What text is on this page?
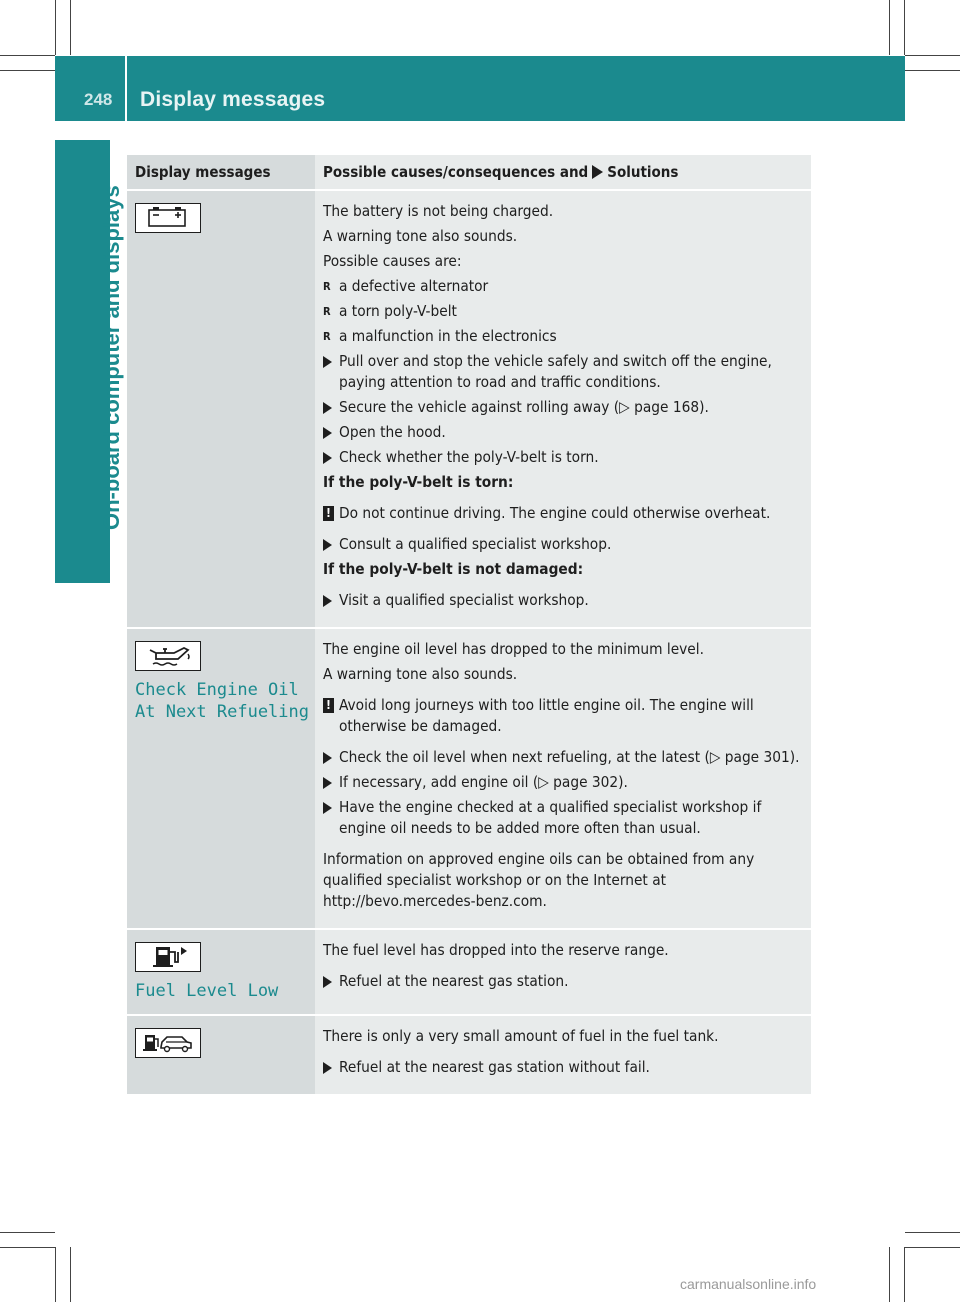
248 Display messages
On-board computer and displays
Display messages	Possible causes/consequences and Solutions
The battery is not being charged.
A warning tone also sounds.
Possible causes are:
R a defective alternator
R a torn poly-V-belt
R a malfunction in the electronics
Pull over and stop the vehicle safely and switch off the engine, paying attention to road and traffic conditions.
Secure the vehicle against rolling away (▷ page 168).
Open the hood.
Check whether the poly-V-belt is torn.
If the poly-V-belt is torn:
! Do not continue driving. The engine could otherwise overheat.
Consult a qualified specialist workshop.
If the poly-V-belt is not damaged:
Visit a qualified specialist workshop.
Check Engine Oil
At Next Refueling
The engine oil level has dropped to the minimum level.
A warning tone also sounds.
! Avoid long journeys with too little engine oil. The engine will otherwise be damaged.
Check the oil level when next refueling, at the latest (▷ page 301).
If necessary, add engine oil (▷ page 302).
Have the engine checked at a qualified specialist workshop if engine oil needs to be added more often than usual.
Information on approved engine oils can be obtained from any qualified specialist workshop or on the Internet at http://bevo.mercedes-benz.com.
Fuel Level Low
The fuel level has dropped into the reserve range.
Refuel at the nearest gas station.
There is only a very small amount of fuel in the fuel tank.
Refuel at the nearest gas station without fail.
carmanualsonline.info
